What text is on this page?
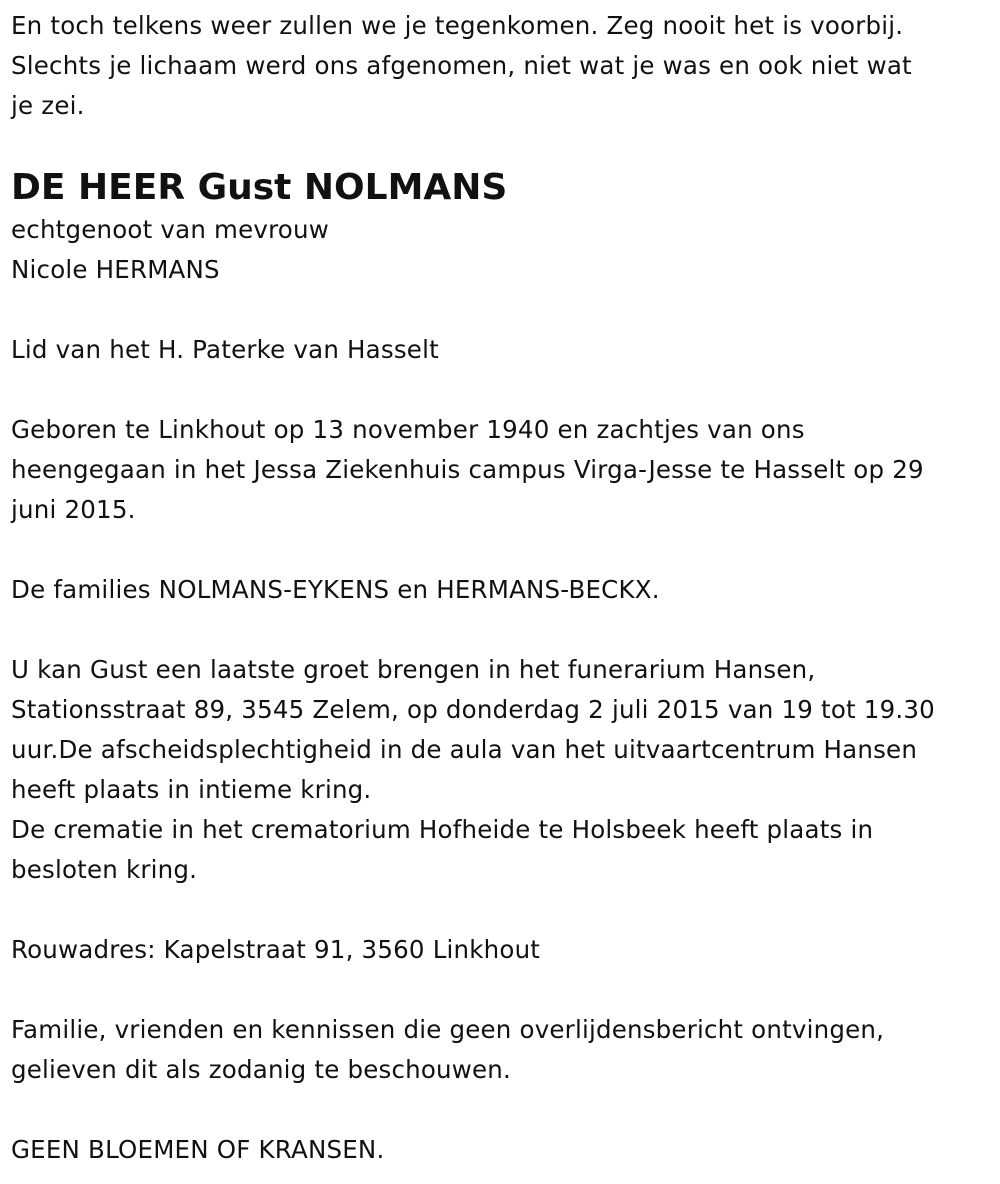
En toch telkens weer zullen we je tegenkomen. Zeg nooit het is voorbij.

Slechts je lichaam werd ons afgenomen, niet wat je was en ook niet wat

je zei.

DE HEER Gust NOLMANS

echtgenoot van mevrouw

Nicole HERMANS

Lid van het H. Paterke van Hasselt

Geboren te Linkhout op 13 november 1940 en zachtjes van ons

heengegaan in het Jessa Ziekenhuis campus Virga-Jesse te Hasselt op 29

juni 2015.

De families NOLMANS-EYKENS en HERMANS-BECKX.

U kan Gust een laatste groet brengen in het funerarium Hansen,

Stationsstraat 89, 3545 Zelem, op donderdag 2 juli 2015 van 19 tot 19.30

uur.De afscheidsplechtigheid in de aula van het uitvaartcentrum Hansen

heeft plaats in intieme kring.

De crematie in het crematorium Hofheide te Holsbeek heeft plaats in

besloten kring.

Rouwadres: Kapelstraat 91, 3560 Linkhout

Familie, vrienden en kennissen die geen overlijdensbericht ontvingen,

gelieven dit als zodanig te beschouwen.

GEEN BLOEMEN OF KRANSEN.
